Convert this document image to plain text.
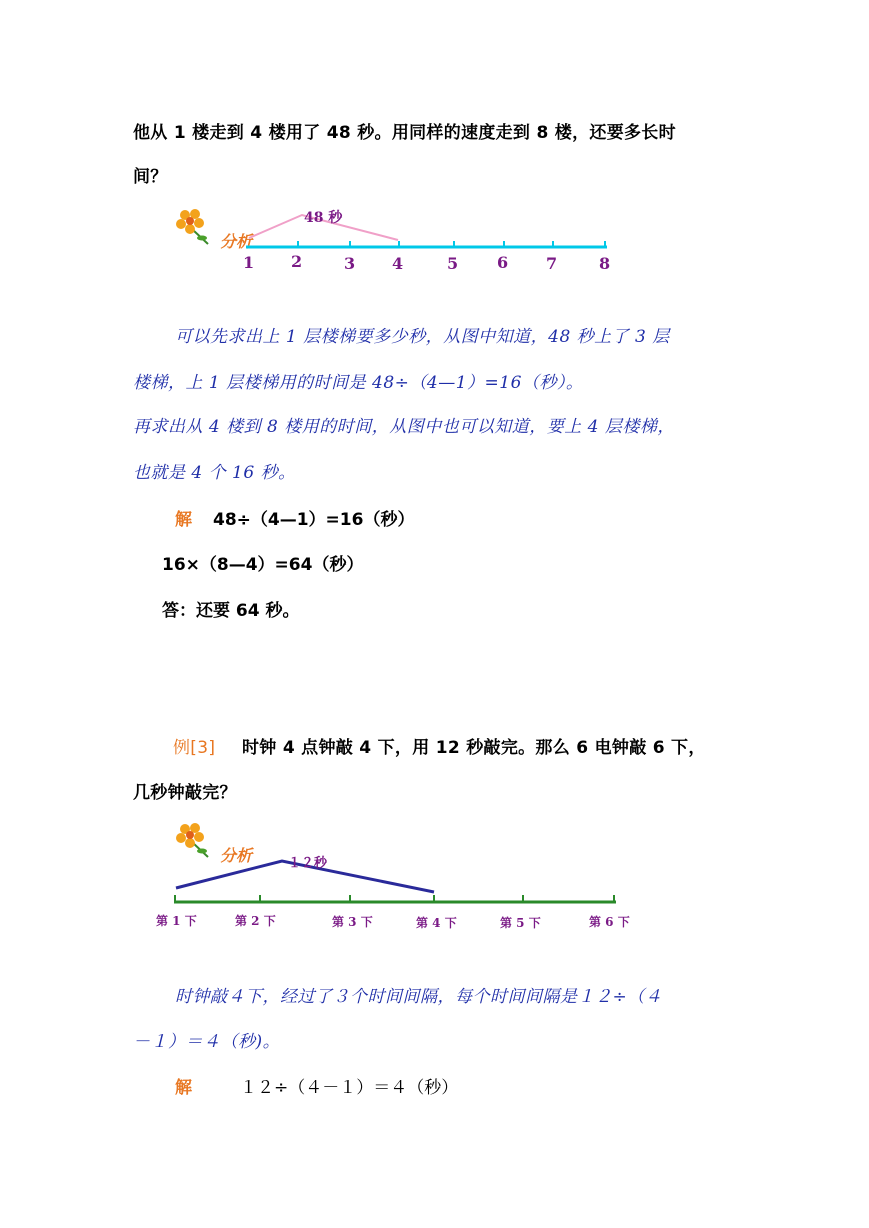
他从 1 楼走到 4 楼用了 48 秒。用同样的速度走到 8 楼，还要多长时
间？
分析
48 秒
1 2	3 4	5 6 7	8
可以先求出上 1 层楼梯要多少秒，从图中知道，48 秒上了 3 层
楼梯，上 1 层楼梯用的时间是 48÷（4—1）=16（秒）。
再求出从 4 楼到 8 楼用的时间，从图中也可以知道，要上 4 层楼梯，
也就是 4 个 16 秒。
解 48÷（4—1）=16（秒）
16×（8—4）=64（秒）
答：还要 64 秒。
例[3] 时钟 4 点钟敲 4 下，用 12 秒敲完。那么 6 电钟敲 6 下，
几秒钟敲完？
分析	１２秒
第 1 下	第 2 下	第 3 下	第 4 下	第 5 下	第 6 下
时钟敲４下，经过了３个时间间隔，每个时间间隔是１２÷（４
－１）＝４（秒)。
解	１２÷（４－１）＝４（秒）
